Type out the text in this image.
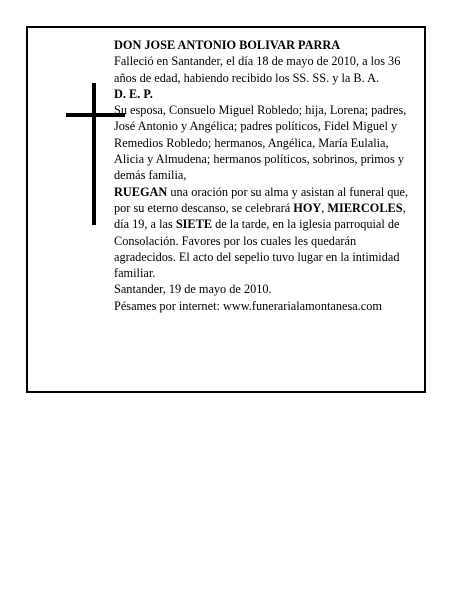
DON JOSE ANTONIO BOLIVAR PARRA

Falleció en Santander, el día 18 de mayo de 2010, a los 36 años de edad, habiendo recibido los SS. SS. y la B. A.

D. E. P.

Su esposa, Consuelo Miguel Robledo; hija, Lorena; padres, José Antonio y Angélica; padres políticos, Fidel Miguel y Remedios Robledo; hermanos, Angélica, María Eulalia, Alicia y Almudena; hermanos políticos, sobrinos, primos y demás familia,

RUEGAN una oración por su alma y asistan al funeral que, por su eterno descanso, se celebrará HOY, MIERCOLES, día 19, a las SIETE de la tarde, en la iglesia parroquial de Consolación. Favores por los cuales les quedarán agradecidos. El acto del sepelio tuvo lugar en la intimidad familiar.

Santander, 19 de mayo de 2010.

Pésames por internet: www.funerarialamontanesa.com
